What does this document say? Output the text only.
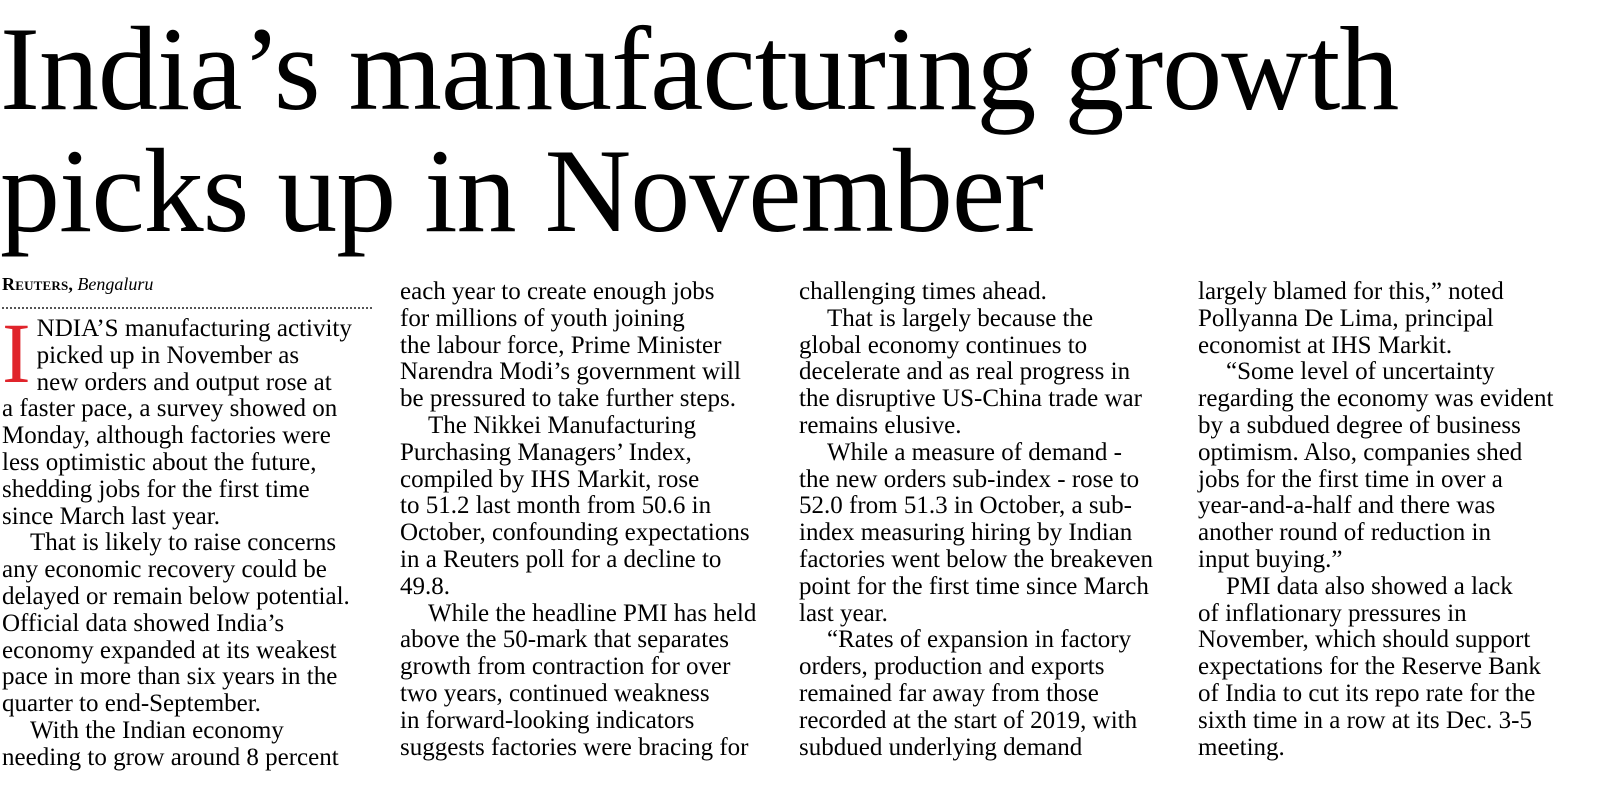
India’s manufacturing growth
picks up in November
Reuters, Bengaluru
I NDIA’S manufacturing activity

picked up in November as

new orders and output rose at

a faster pace, a survey showed on

Monday, although factories were

less optimistic about the future,

shedding jobs for the first time

since March last year.

That is likely to raise concerns

any economic recovery could be

delayed or remain below potential.

Official data showed India’s

economy expanded at its weakest

pace in more than six years in the

quarter to end-September.

With the Indian economy

needing to grow around 8 percent

each year to create enough jobs

for millions of youth joining

the labour force, Prime Minister

Narendra Modi’s government will

be pressured to take further steps.

The Nikkei Manufacturing

Purchasing Managers’ Index,

compiled by IHS Markit, rose

to 51.2 last month from 50.6 in

October, confounding expectations

in a Reuters poll for a decline to

49.8.

While the headline PMI has held

above the 50-mark that separates

growth from contraction for over

two years, continued weakness

in forward-looking indicators

suggests factories were bracing for

challenging times ahead.

That is largely because the

global economy continues to

decelerate and as real progress in

the disruptive US-China trade war

remains elusive.

While a measure of demand -

the new orders sub-index - rose to

52.0 from 51.3 in October, a sub-

index measuring hiring by Indian

factories went below the breakeven

point for the first time since March

last year.

“Rates of expansion in factory

orders, production and exports

remained far away from those

recorded at the start of 2019, with

subdued underlying demand

largely blamed for this,” noted

Pollyanna De Lima, principal

economist at IHS Markit.

“Some level of uncertainty

regarding the economy was evident

by a subdued degree of business

optimism. Also, companies shed

jobs for the first time in over a

year-and-a-half and there was

another round of reduction in

input buying.”

PMI data also showed a lack

of inflationary pressures in

November, which should support

expectations for the Reserve Bank

of India to cut its repo rate for the

sixth time in a row at its Dec. 3-5

meeting.
